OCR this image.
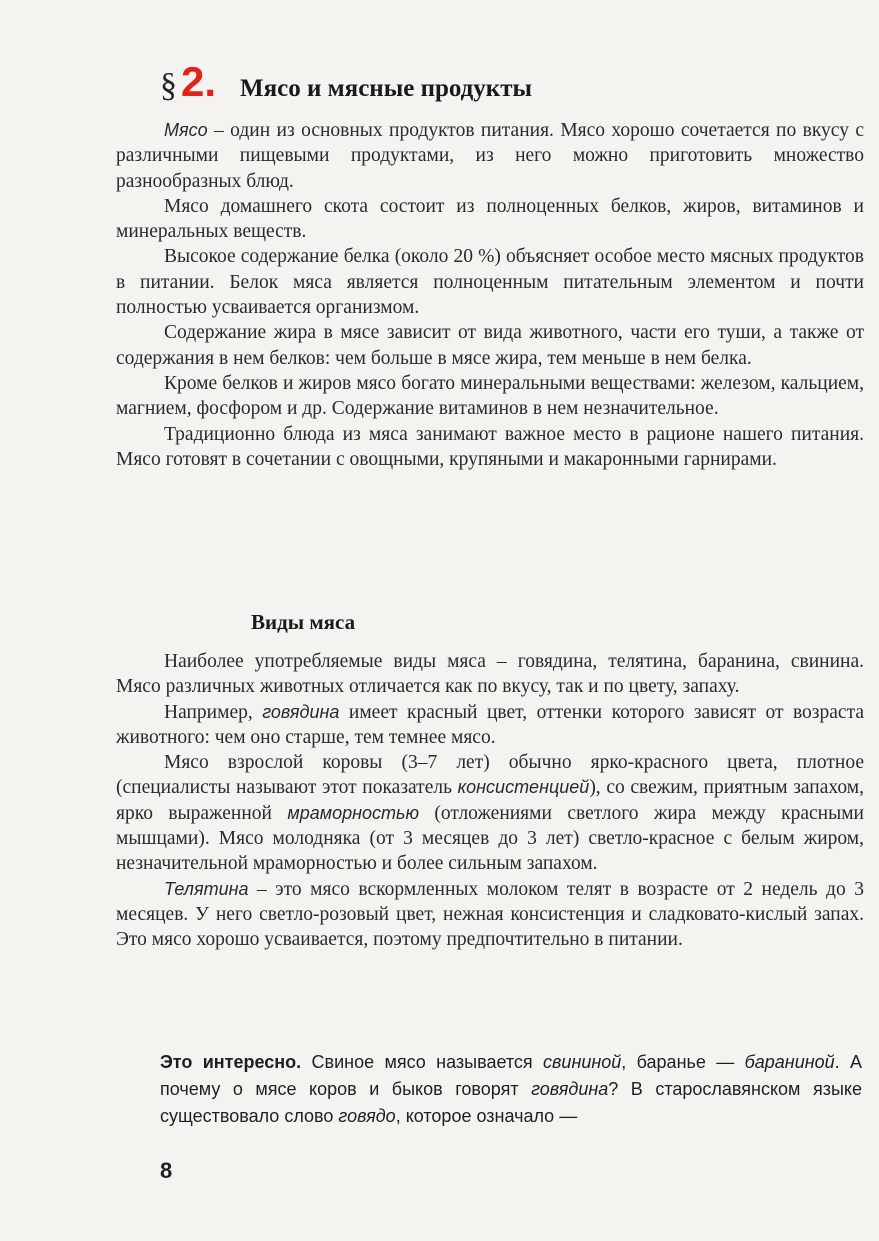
§ 2. Мясо и мясные продукты

Мясо – один из основных продуктов питания. Мясо хорошо сочетается по вкусу с различными пищевыми продуктами, из него можно приготовить множество разнообразных блюд.

Мясо домашнего скота состоит из полноценных белков, жиров, витаминов и минеральных веществ.

Высокое содержание белка (около 20 %) объясняет особое место мясных продуктов в питании. Белок мяса является полноценным питательным элементом и почти полностью усваивается организмом.

Содержание жира в мясе зависит от вида животного, части его туши, а также от содержания в нем белков: чем больше в мясе жира, тем меньше в нем белка.

Кроме белков и жиров мясо богато минеральными веществами: железом, кальцием, магнием, фосфором и др. Содержание витаминов в нем незначительное.

Традиционно блюда из мяса занимают важное место в рационе нашего питания. Мясо готовят в сочетании с овощными, крупяными и макаронными гарнирами.

Виды мяса

Наиболее употребляемые виды мяса – говядина, телятина, баранина, свинина. Мясо различных животных отличается как по вкусу, так и по цвету, запаху.

Например, говядина имеет красный цвет, оттенки которого зависят от возраста животного: чем оно старше, тем темнее мясо.

Мясо взрослой коровы (3–7 лет) обычно ярко-красного цвета, плотное (специалисты называют этот показатель консистенцией), со свежим, приятным запахом, ярко выраженной мраморностью (отложениями светлого жира между красными мышцами). Мясо молодняка (от 3 месяцев до 3 лет) светло-красное с белым жиром, незначительной мраморностью и более сильным запахом.

Телятина – это мясо вскормленных молоком телят в возрасте от 2 недель до 3 месяцев. У него светло-розовый цвет, нежная консистенция и сладковато-кислый запах. Это мясо хорошо усваивается, поэтому предпочтительно в питании.

Это интересно. Свиное мясо называется свининой, баранье — бараниной. А почему о мясе коров и быков говорят говядина? В старославянском языке существовало слово говядо, которое означало —
8
